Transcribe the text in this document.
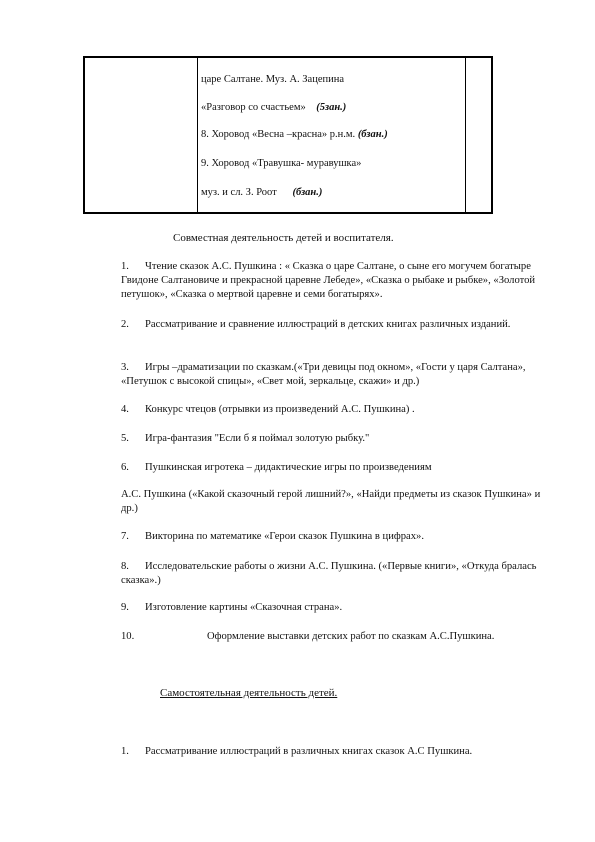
царе Салтане. Муз. А. Зацепина
«Разговор со счастьем» (5зан.)
8. Хоровод «Весна –красна» р.н.м. (бзан.)
9. Хоровод «Травушка- муравушка»
муз. и сл. З. Роот (бзан.)
Совместная деятельность детей и воспитателя.
1. Чтение сказок А.С. Пушкина : « Сказка о царе Салтане, о сыне его могучем богатыре Гвидоне Салтановиче и прекрасной царевне Лебеде», «Сказка о рыбаке и рыбке», «Золотой петушок», «Сказка о мертвой царевне и семи богатырях».
2. Рассматривание и сравнение иллюстраций в детских книгах различных изданий.
3. Игры –драматизации по сказкам.(«Три девицы под окном», «Гости у царя Салтана», «Петушок с высокой спицы», «Свет мой, зеркальце, скажи» и др.)
4. Конкурс чтецов (отрывки из произведений А.С. Пушкина) .
5. Игра-фантазия "Если б я поймал золотую рыбку."
6. Пушкинская игротека – дидактические игры по произведениям
А.С. Пушкина («Какой сказочный герой лишний?», «Найди предметы из сказок Пушкина» и др.)
7. Викторина по математике «Герои сказок Пушкина в цифрах».
8. Исследовательские работы о жизни А.С. Пушкина. («Первые книги», «Откуда бралась сказка».)
9. Изготовление картины «Сказочная страна».
10.	Оформление выставки детских работ по сказкам А.С.Пушкина.
Самостоятельная деятельность детей.
1. Рассматривание иллюстраций в различных книгах сказок А.С Пушкина.
